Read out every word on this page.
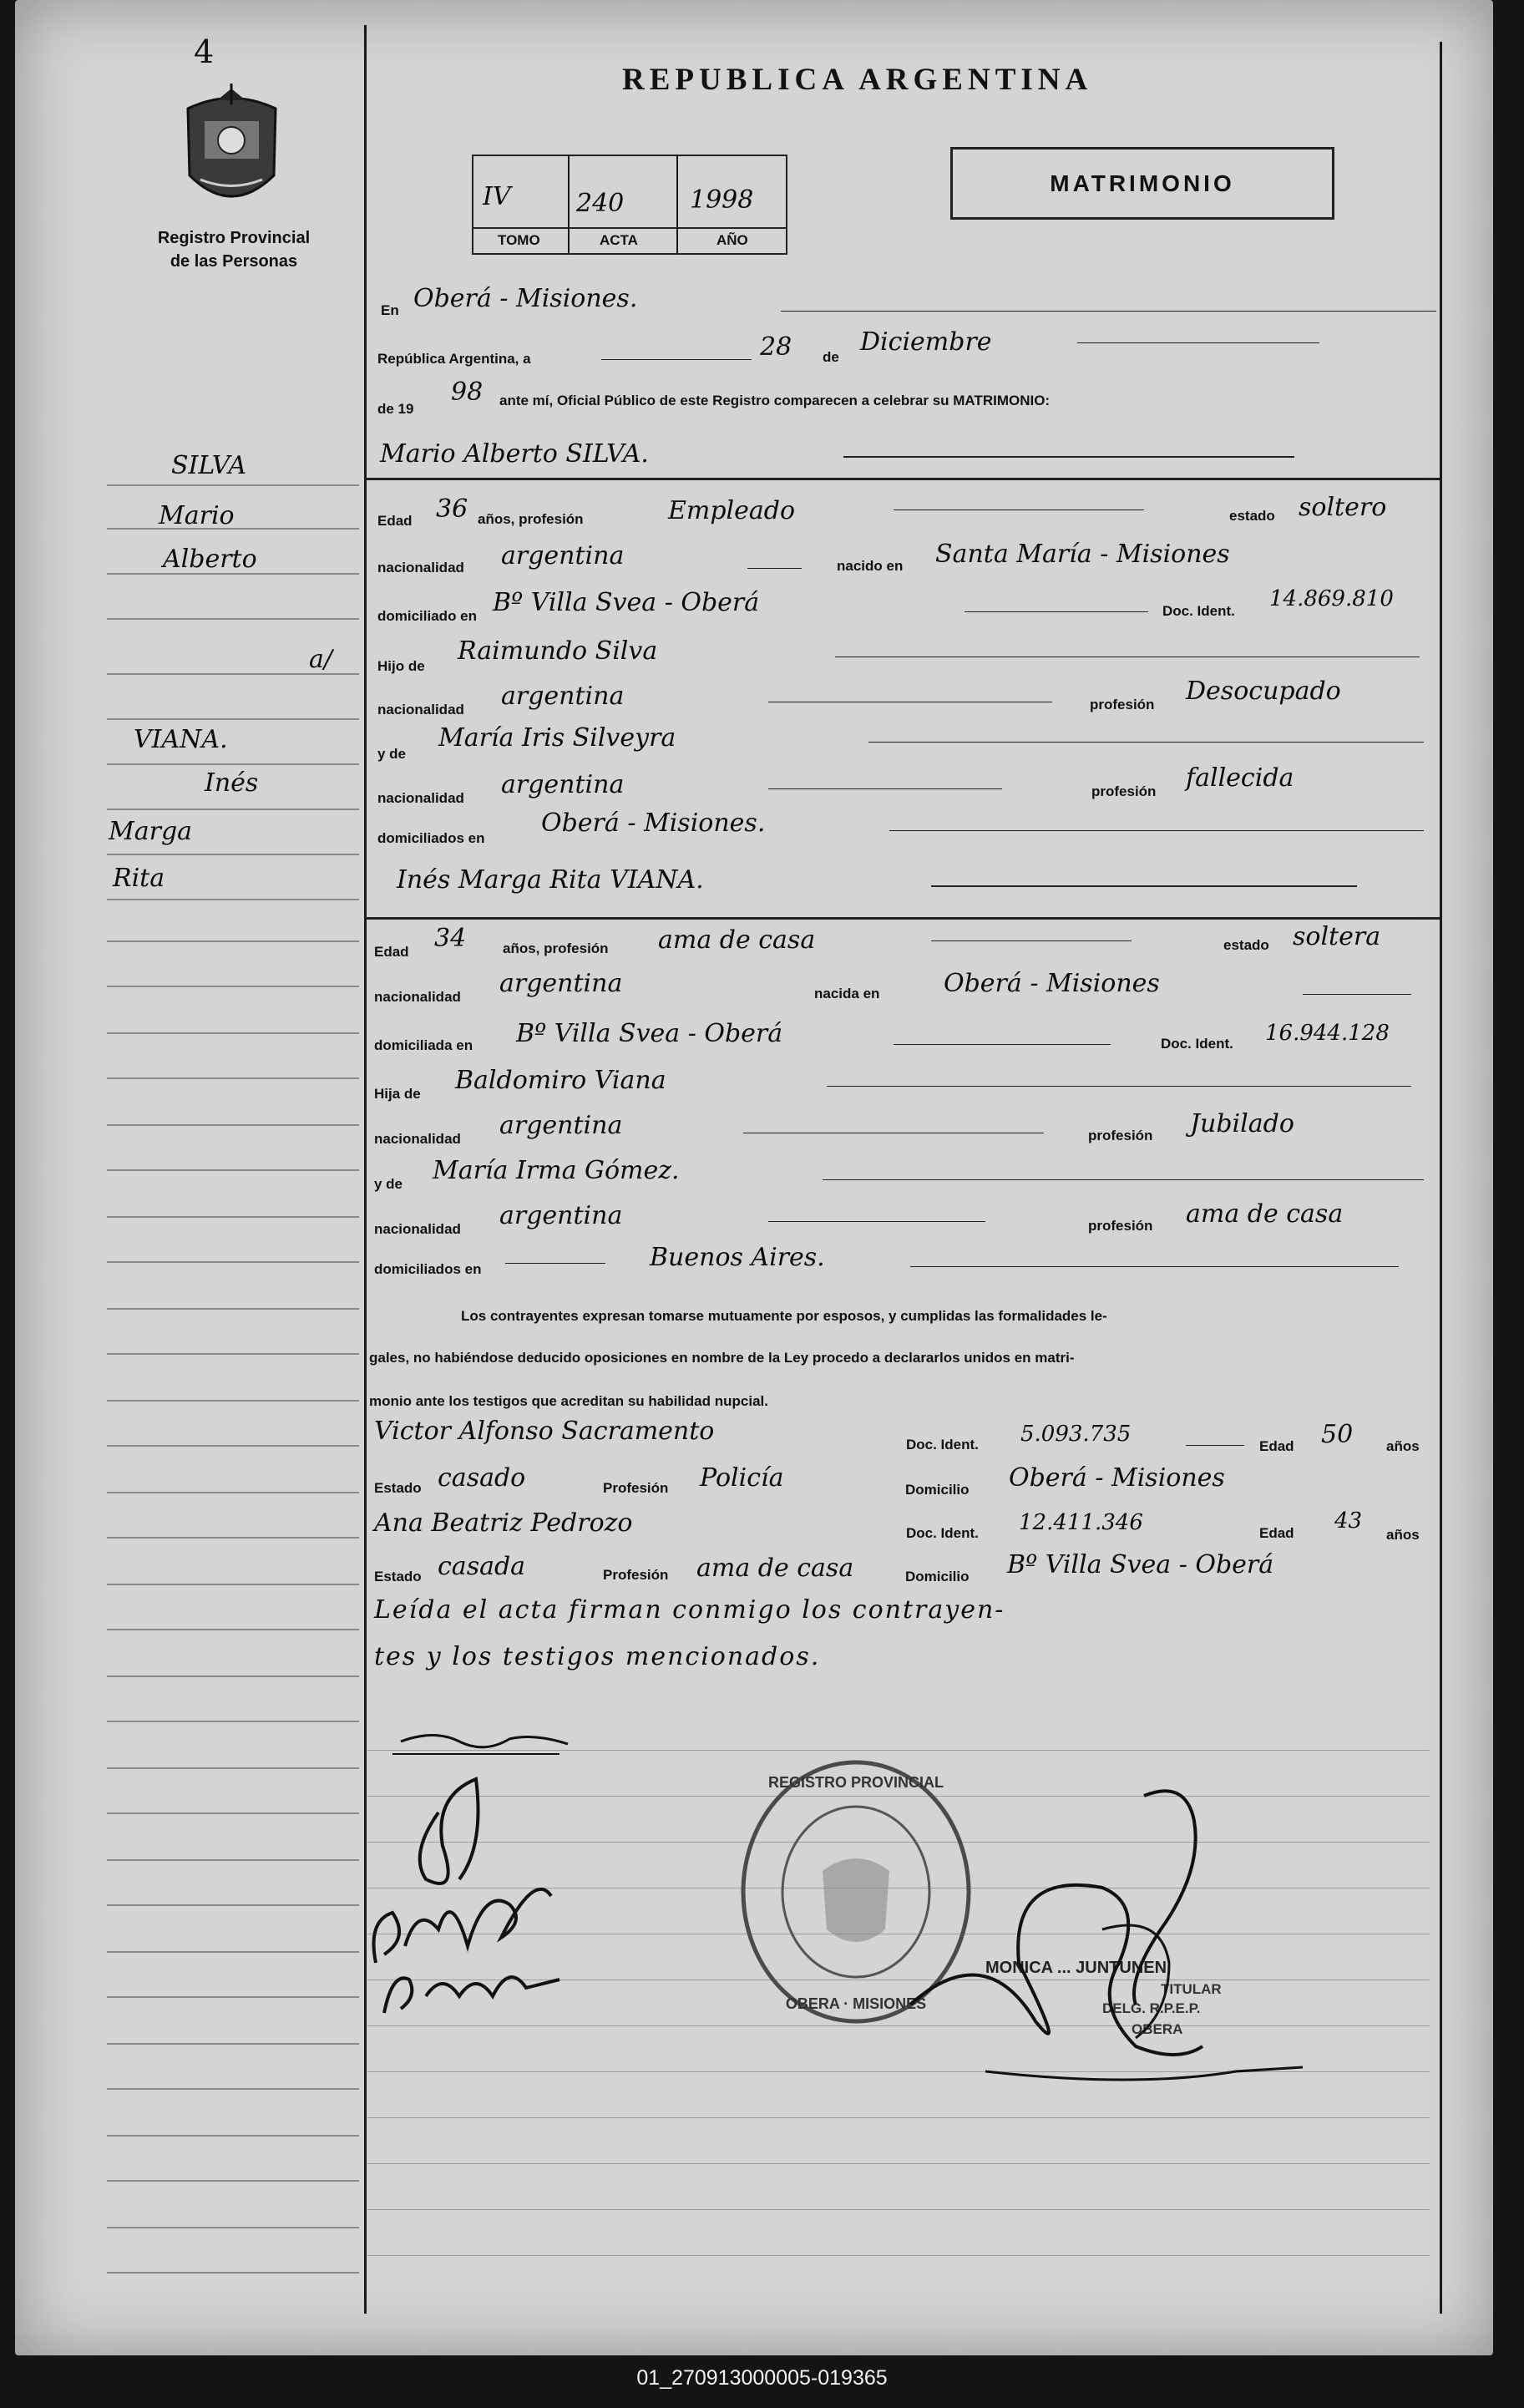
4
Registro Provincial
de las Personas
REPUBLICA ARGENTINA
IV	240	1998
TOMO	ACTA	AÑO
MATRIMONIO
SILVA
Mario
Alberto
a/
VIANA.
Inés
Marga
Rita
En Oberá - Misiones.
República Argentina, a	28 de
Diciembre
de 19
98 ante mí, Oficial Público de este Registro comparecen a celebrar su MATRIMONIO:
Mario Alberto SILVA.
Edad 36 años, profesión	Empleado	estado soltero
nacionalidad argentina	nacido en Santa María - Misiones
domiciliado en Bº Villa Svea - Oberá	Doc. Ident. 14.869.810
Hijo de
Raimundo Silva
nacionalidad argentina	profesión Desocupado
y de
María Iris Silveyra
nacionalidad argentina	profesión fallecida
domiciliados en
Oberá - Misiones.
Inés Marga Rita VIANA.
Edad 34	años, profesión ama de casa	estado soltera
nacionalidad argentina	nacida en	Oberá - Misiones
domiciliada en Bº Villa Svea - Oberá	Doc. Ident. 16.944.128
Hija de Baldomiro Viana
nacionalidad argentina	profesión Jubilado
y de María Irma Gómez.
nacionalidad argentina	profesión ama de casa
domiciliados en	Buenos Aires.
Los contrayentes expresan tomarse mutuamente por esposos, y cumplidas las formalidades le-
gales, no habiéndose deducido oposiciones en nombre de la Ley procedo a declararlos unidos en matri-
monio ante los testigos que acreditan su habilidad nupcial.
Victor Alfonso Sacramento	Doc. Ident. 5.093.735	Edad 50 años
Estado casado	Profesión Policía	Domicilio Oberá - Misiones
Ana Beatriz Pedrozo	Doc. Ident. 12.411.346	Edad 43
años
Estado casada	Profesión ama de casa	Domicilio Bº Villa Svea - Oberá
Leída el acta firman conmigo los contrayen-
tes y los testigos mencionados.
REGISTRO PROVINCIAL
OBERA · MISIONES
MONICA ... JUNTUNEN
TITULAR
DELG. R.P.E.P.
OBERA
01_270913000005-019365
